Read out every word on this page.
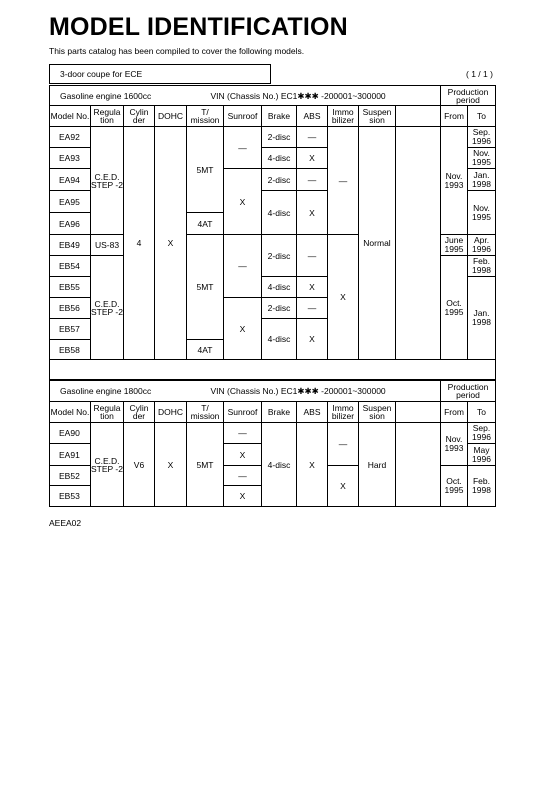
MODEL IDENTIFICATION
This parts catalog has been compiled to cover the following models.
3-door coupe for ECE	( 1 / 1 )
Gasoline engine 1600cc			VIN (Chassis No.) EC1✱✱✱ -200001~300000								Production period	
Model No.	Regula tion	Cylin der	DOHC	T/ mission	Sunroof	Brake	ABS	Immo bilizer	Suspen sion		From	To
EA92	C.E.D. STEP -2	4	X	5MT	—	2-disc	—	—	Normal		Nov. 1993	Sep. 1996
EA93						4-disc	X					Nov. 1995
EA94					X	2-disc	—					Jan. 1998
EA95						4-disc	X					Nov. 1995
EA96				4AT								
EB49	US-83			5MT	—	2-disc	—	X			June 1995	Apr. 1996
EB54	C.E.D. STEP -2										Oct. 1995	Feb. 1998
EB55						4-disc	X					Jan. 1998
EB56					X	2-disc	—					
EB57						4-disc	X					
EB58				4AT								

Gasoline engine 1800cc			VIN (Chassis No.) EC1✱✱✱ -200001~300000								Production period	
Model No.	Regula tion	Cylin der	DOHC	T/ mission	Sunroof	Brake	ABS	Immo bilizer	Suspen sion		From	To
EA90	C.E.D. STEP -2	V6	X	5MT	—	4-disc	X	—	Hard		Nov. 1993	Sep. 1996
EA91					X							May 1996
EB52					—			X			Oct. 1995	Feb. 1998
EB53					X							
AEEA02
